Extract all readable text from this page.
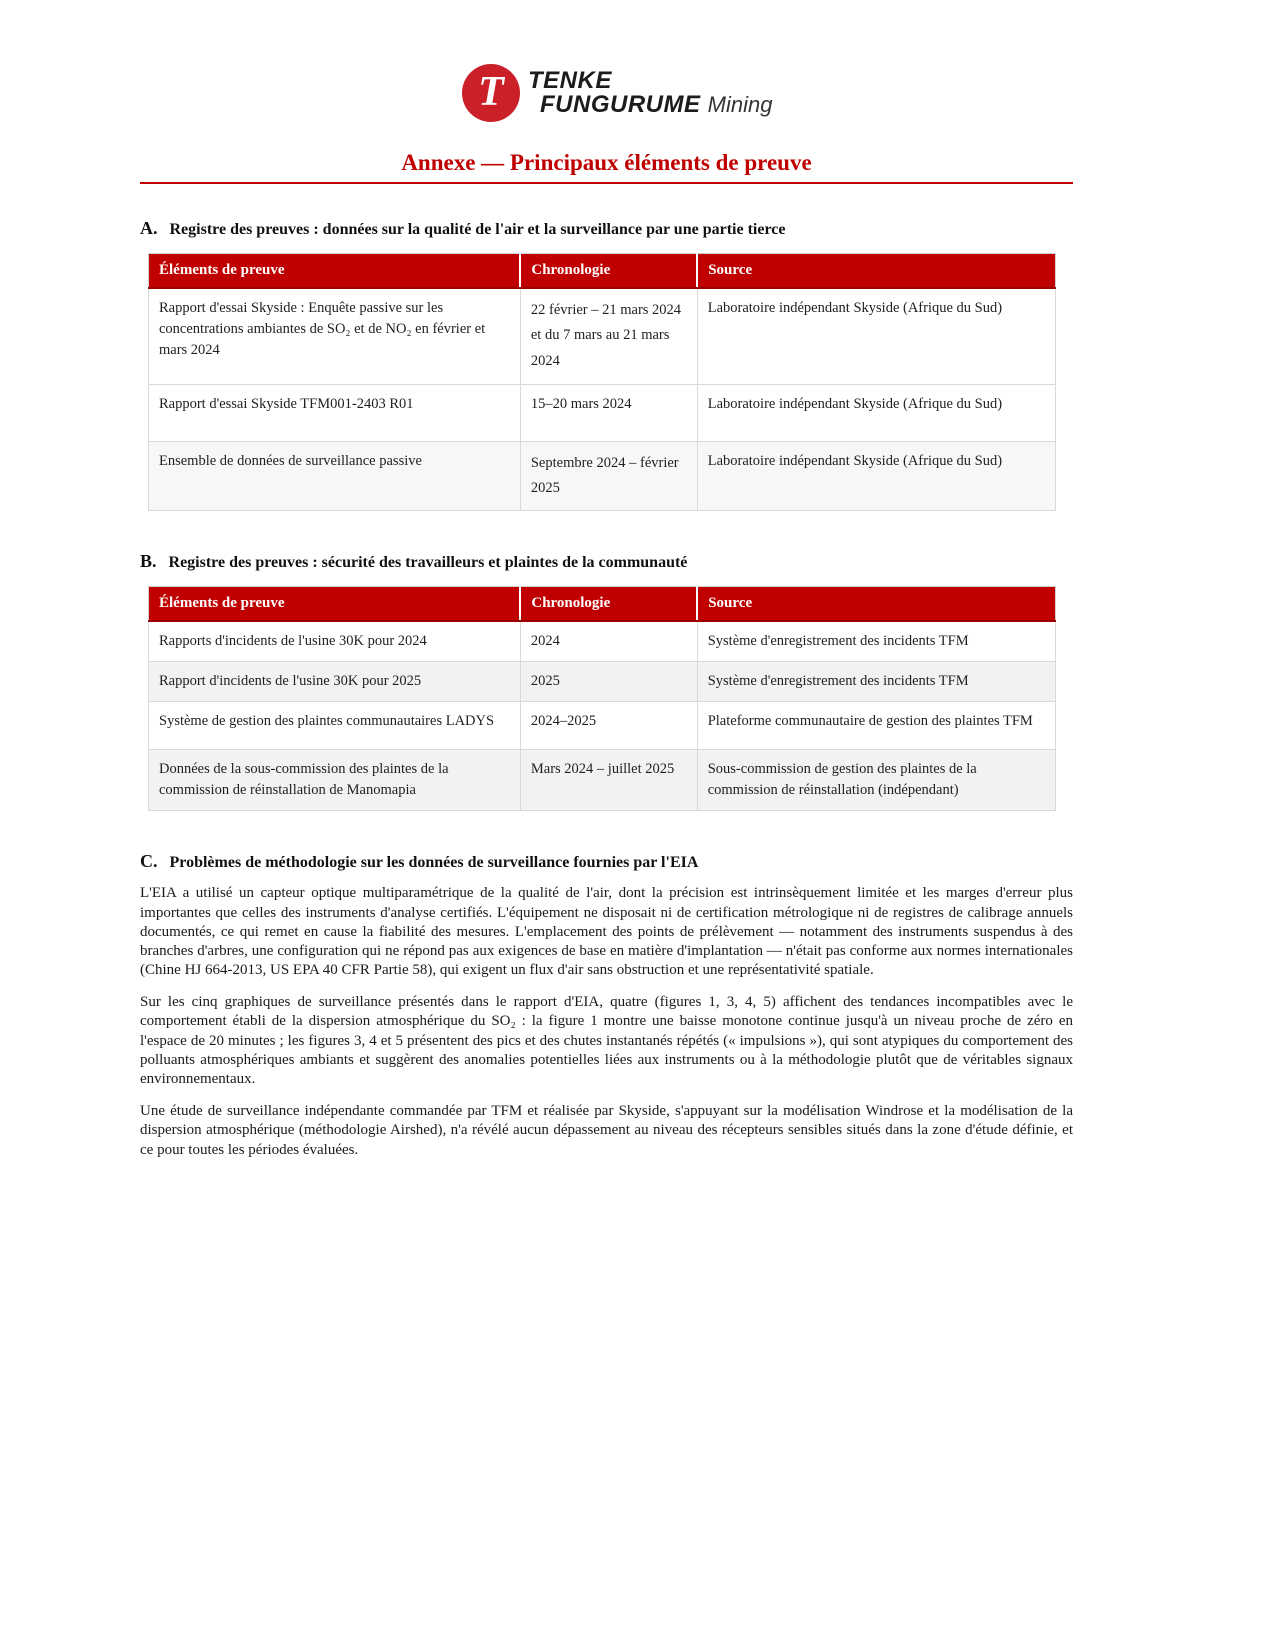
T TENKE
FUNGURUME Mining
Annexe — Principaux éléments de preuve
A. Registre des preuves : données sur la qualité de l'air et la surveillance par une partie tierce
Éléments de preuve	Chronologie	Source
Rapport d'essai Skyside : Enquête passive sur les concentrations ambiantes de SO₂ et de NO₂ en février et mars 2024	22 février – 21 mars 2024 et du 7 mars au 21 mars 2024	Laboratoire indépendant Skyside (Afrique du Sud)
Rapport d'essai Skyside TFM001-2403 R01	15–20 mars 2024	Laboratoire indépendant Skyside (Afrique du Sud)
Ensemble de données de surveillance passive	Septembre 2024 – février 2025	Laboratoire indépendant Skyside (Afrique du Sud)
B. Registre des preuves : sécurité des travailleurs et plaintes de la communauté
Éléments de preuve	Chronologie	Source
Rapports d'incidents de l'usine 30K pour 2024	2024	Système d'enregistrement des incidents TFM
Rapport d'incidents de l'usine 30K pour 2025	2025	Système d'enregistrement des incidents TFM
Système de gestion des plaintes communautaires LADYS	2024–2025	Plateforme communautaire de gestion des plaintes TFM
Données de la sous-commission des plaintes de la commission de réinstallation de Manomapia	Mars 2024 – juillet 2025	Sous-commission de gestion des plaintes de la commission de réinstallation (indépendant)
C. Problèmes de méthodologie sur les données de surveillance fournies par l'EIA

L'EIA a utilisé un capteur optique multiparamétrique de la qualité de l'air, dont la précision est intrinsèquement limitée et les marges d'erreur plus importantes que celles des instruments d'analyse certifiés. L'équipement ne disposait ni de certification métrologique ni de registres de calibrage annuels documentés, ce qui remet en cause la fiabilité des mesures. L'emplacement des points de prélèvement — notamment des instruments suspendus à des branches d'arbres, une configuration qui ne répond pas aux exigences de base en matière d'implantation — n'était pas conforme aux normes internationales (Chine HJ 664-2013, US EPA 40 CFR Partie 58), qui exigent un flux d'air sans obstruction et une représentativité spatiale.

Sur les cinq graphiques de surveillance présentés dans le rapport d'EIA, quatre (figures 1, 3, 4, 5) affichent des tendances incompatibles avec le comportement établi de la dispersion atmosphérique du SO₂ : la figure 1 montre une baisse monotone continue jusqu'à un niveau proche de zéro en l'espace de 20 minutes ; les figures 3, 4 et 5 présentent des pics et des chutes instantanés répétés (« impulsions »), qui sont atypiques du comportement des polluants atmosphériques ambiants et suggèrent des anomalies potentielles liées aux instruments ou à la méthodologie plutôt que de véritables signaux environnementaux.

Une étude de surveillance indépendante commandée par TFM et réalisée par Skyside, s'appuyant sur la modélisation Windrose et la modélisation de la dispersion atmosphérique (méthodologie Airshed), n'a révélé aucun dépassement au niveau des récepteurs sensibles situés dans la zone d'étude définie, et ce pour toutes les périodes évaluées.
